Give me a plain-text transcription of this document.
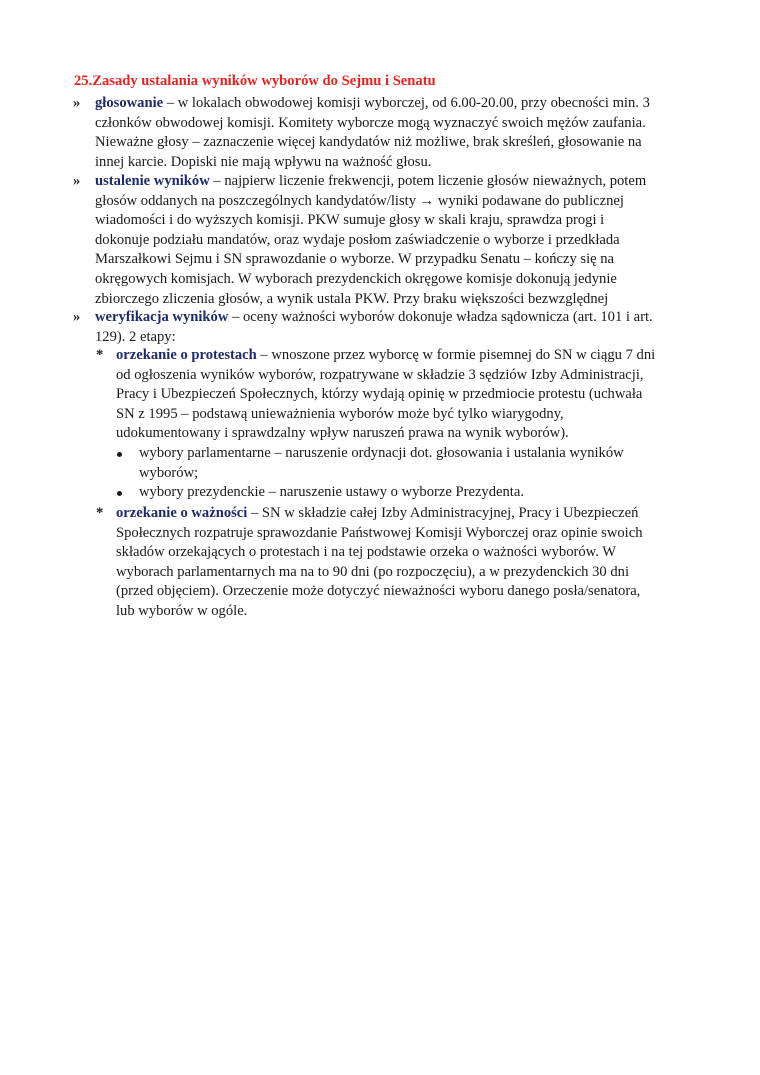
25.Zasady ustalania wyników wyborów do Sejmu i Senatu
» głosowanie – w lokalach obwodowej komisji wyborczej, od 6.00-20.00, przy obecności min. 3
członków obwodowej komisji. Komitety wyborcze mogą wyznaczyć swoich mężów zaufania.
Nieważne głosy – zaznaczenie więcej kandydatów niż możliwe, brak skreśleń, głosowanie na
innej karcie. Dopiski nie mają wpływu na ważność głosu.
» ustalenie wyników – najpierw liczenie frekwencji, potem liczenie głosów nieważnych, potem
głosów oddanych na poszczególnych kandydatów/listy → wyniki podawane do publicznej
wiadomości i do wyższych komisji. PKW sumuje głosy w skali kraju, sprawdza progi i
dokonuje podziału mandatów, oraz wydaje posłom zaświadczenie o wyborze i przedkłada
Marszałkowi Sejmu i SN sprawozdanie o wyborze. W przypadku Senatu – kończy się na
okręgowych komisjach. W wyborach prezydenckich okręgowe komisje dokonują jedynie
zbiorczego zliczenia głosów, a wynik ustala PKW. Przy braku większości bezwzględnej
» weryfikacja wyników – oceny ważności wyborów dokonuje władza sądownicza (art. 101 i art.
129). 2 etapy:
* orzekanie o protestach – wnoszone przez wyborcę w formie pisemnej do SN w ciągu 7 dni
od ogłoszenia wyników wyborów, rozpatrywane w składzie 3 sędziów Izby Administracji,
Pracy i Ubezpieczeń Społecznych, którzy wydają opinię w przedmiocie protestu (uchwała
SN z 1995 – podstawą unieważnienia wyborów może być tylko wiarygodny,
udokumentowany i sprawdzalny wpływ naruszeń prawa na wynik wyborów).
wybory parlamentarne – naruszenie ordynacji dot. głosowania i ustalania wyników
wyborów;
wybory prezydenckie – naruszenie ustawy o wyborze Prezydenta.
* orzekanie o ważności – SN w składzie całej Izby Administracyjnej, Pracy i Ubezpieczeń
Społecznych rozpatruje sprawozdanie Państwowej Komisji Wyborczej oraz opinie swoich
składów orzekających o protestach i na tej podstawie orzeka o ważności wyborów. W
wyborach parlamentarnych ma na to 90 dni (po rozpoczęciu), a w prezydenckich 30 dni
(przed objęciem). Orzeczenie może dotyczyć nieważności wyboru danego posła/senatora,
lub wyborów w ogóle.
